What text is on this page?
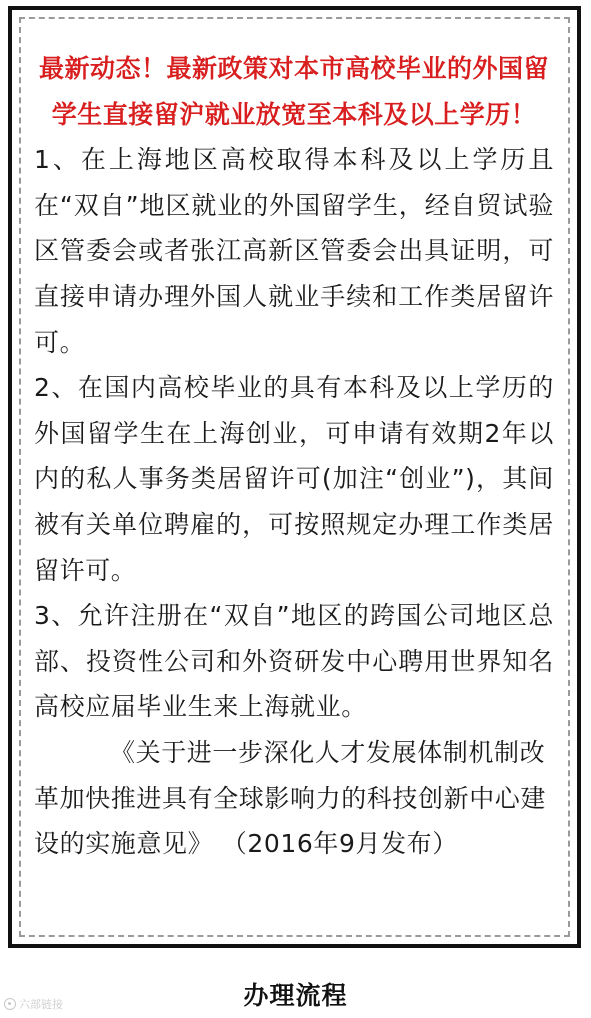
最新动态！最新政策对本市高校毕业的外国留学生直接留沪就业放宽至本科及以上学历！

1、在上海地区高校取得本科及以上学历且在“双自”地区就业的外国留学生，经自贸试验区管委会或者张江高新区管委会出具证明，可直接申请办理外国人就业手续和工作类居留许可。

2、在国内高校毕业的具有本科及以上学历的外国留学生在上海创业，可申请有效期2年以内的私人事务类居留许可(加注“创业”)，其间被有关单位聘雇的，可按照规定办理工作类居留许可。

3、允许注册在“双自”地区的跨国公司地区总部、投资性公司和外资研发中心聘用世界知名高校应届毕业生来上海就业。

《关于进一步深化人才发展体制机制改革加快推进具有全球影响力的科技创新中心建设的实施意见》 （2016年9月发布）

办理流程
六部链接
